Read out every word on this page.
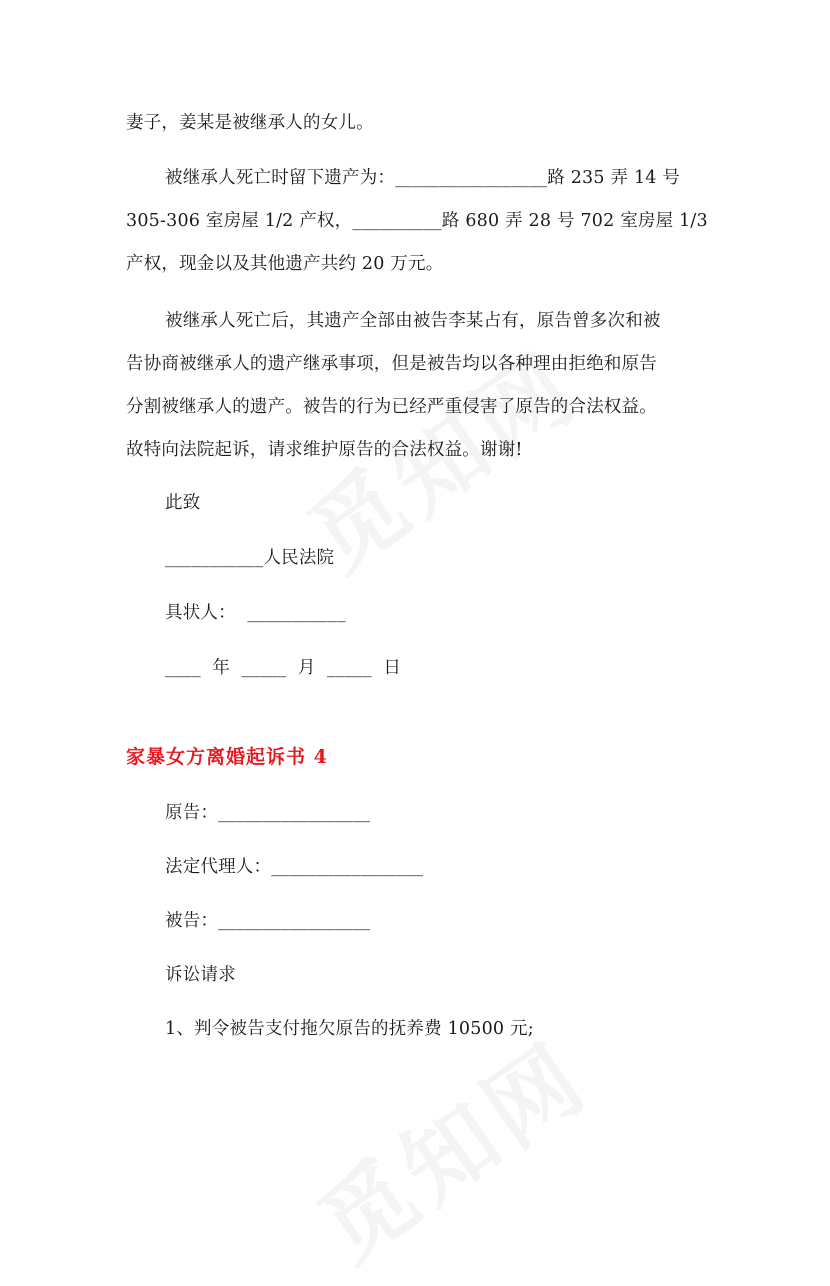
妻子，姜某是被继承人的女儿。
被继承人死亡时留下遗产为：_________________路 235 弄 14 号
305-306 室房屋 1/2 产权，__________路 680 弄 28 号 702 室房屋 1/3
产权，现金以及其他遗产共约 20 万元。
被继承人死亡后，其遗产全部由被告李某占有，原告曾多次和被
告协商被继承人的遗产继承事项，但是被告均以各种理由拒绝和原告
分割被继承人的遗产。被告的行为已经严重侵害了原告的合法权益。
故特向法院起诉，请求维护原告的合法权益。谢谢!
此致
___________人民法院
具状人：  ___________
____  年  _____  月  _____  日
家暴女方离婚起诉书 4
原告：_________________
法定代理人：_________________
被告：_________________
诉讼请求
1、判令被告支付拖欠原告的抚养费 10500 元;
